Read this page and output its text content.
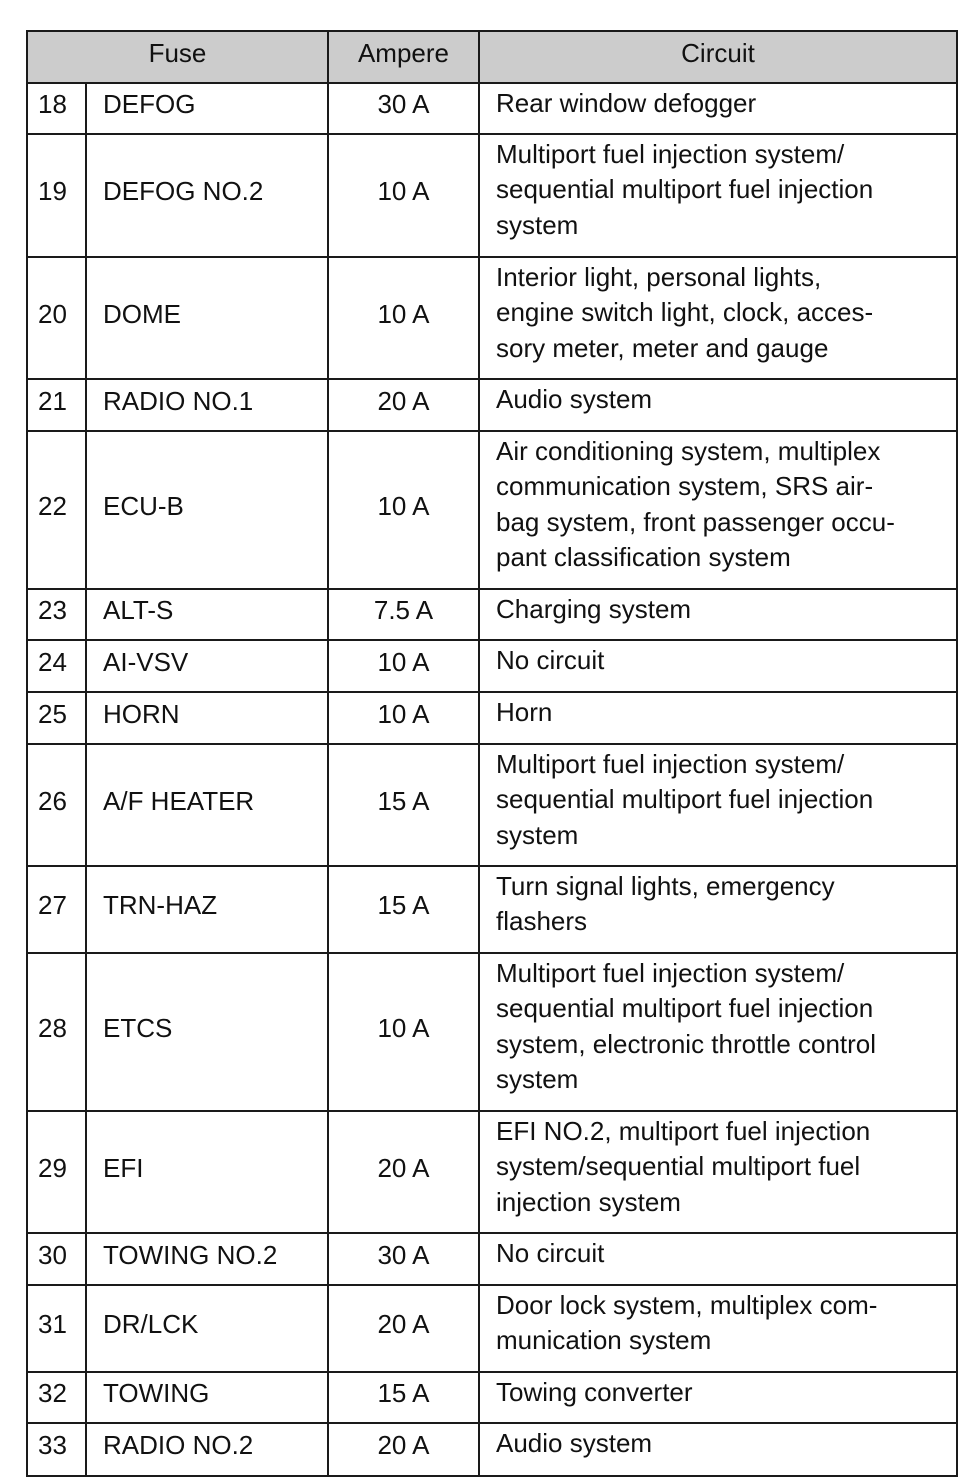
Fuse		Ampere	Circuit
18	DEFOG	30 A	Rear window defogger

19	DEFOG NO.2	10 A	Multiport fuel injection system/
sequential multiport fuel injection
system

20	DOME	10 A	Interior light, personal lights,
engine switch light, clock, acces-
sory meter, meter and gauge

21	RADIO NO.1	20 A	Audio system

22	ECU-B	10 A	Air conditioning system, multiplex
communication system, SRS air-
bag system, front passenger occu-
pant classification system

23	ALT-S	7.5 A	Charging system

24	AI-VSV	10 A	No circuit

25	HORN	10 A	Horn

26	A/F HEATER	15 A	Multiport fuel injection system/
sequential multiport fuel injection
system

27	TRN-HAZ	15 A	Turn signal lights, emergency
flashers

28	ETCS	10 A	Multiport fuel injection system/
sequential multiport fuel injection
system, electronic throttle control
system

29	EFI	20 A	EFI NO.2, multiport fuel injection
system/sequential multiport fuel
injection system

30	TOWING NO.2	30 A	No circuit

31	DR/LCK	20 A	Door lock system, multiplex com-
munication system

32	TOWING	15 A	Towing converter

33	RADIO NO.2	20 A	Audio system
